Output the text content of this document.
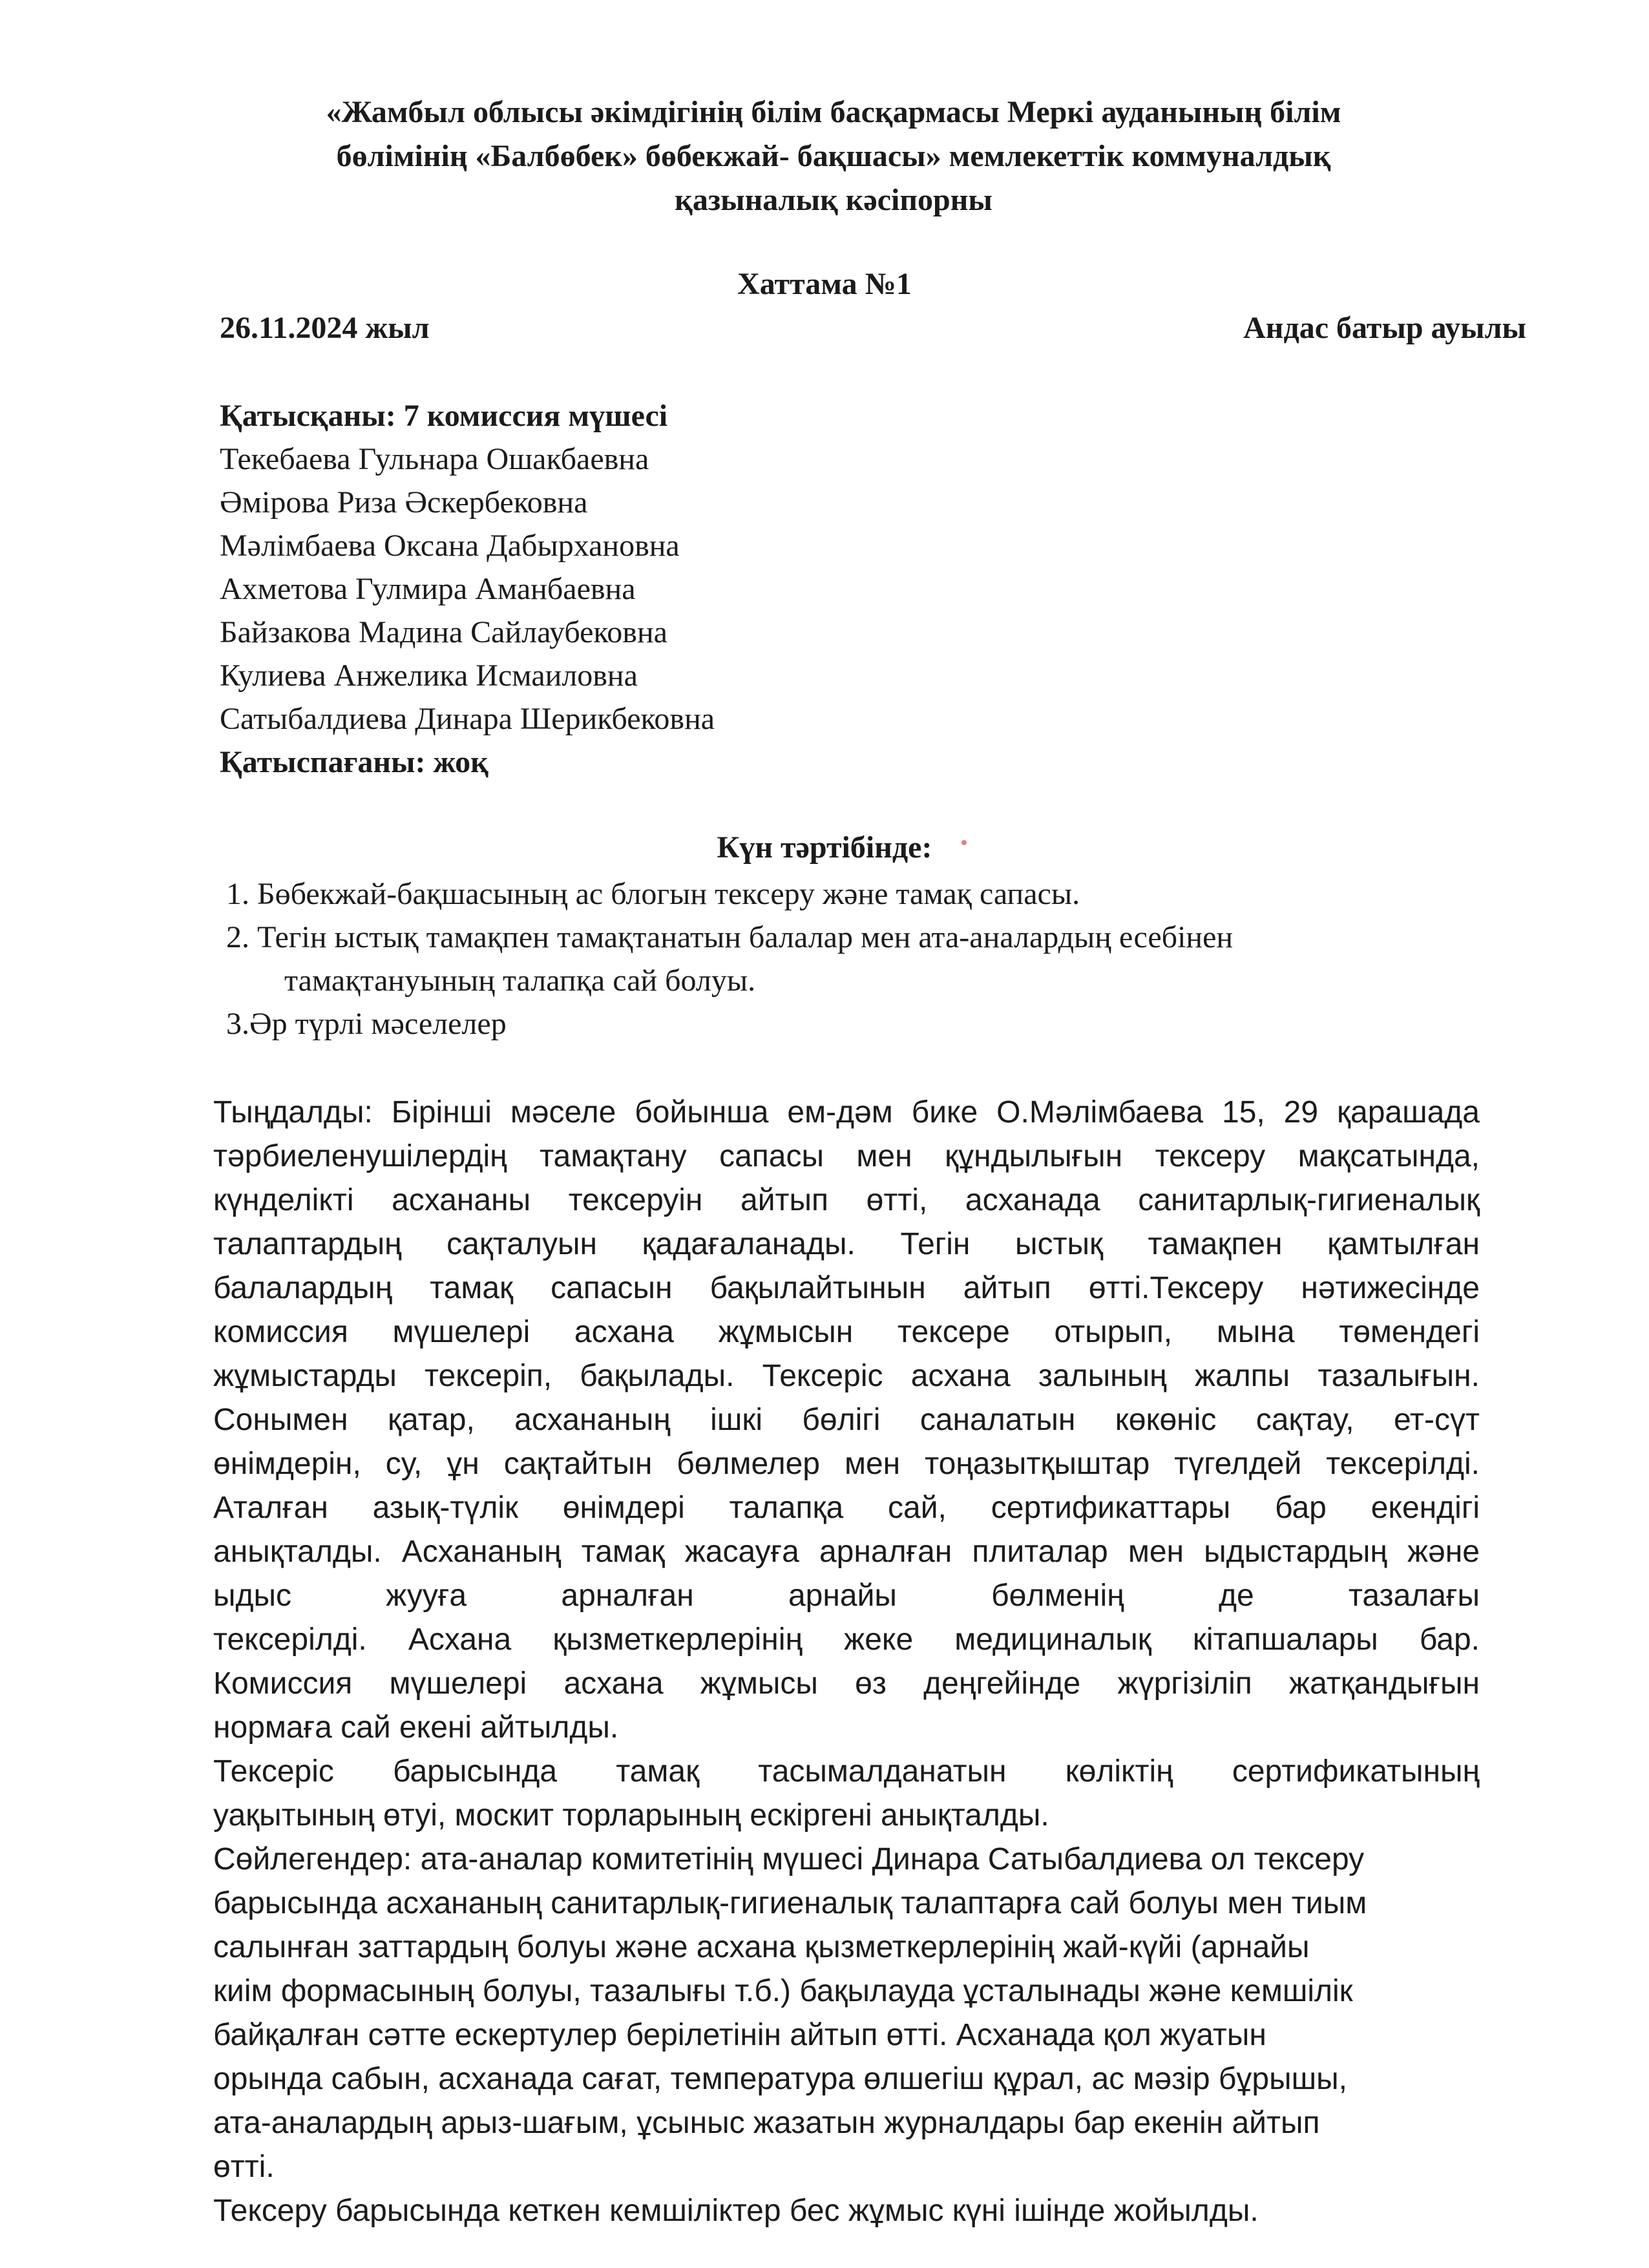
«Жамбыл облысы әкімдігінің білім басқармасы Меркі ауданының білім
бөлімінің «Балбөбек» бөбекжай- бақшасы» мемлекеттік коммуналдық
қазыналық кәсіпорны
Хаттама №1
26.11.2024 жыл	Андас батыр ауылы
Қатысқаны: 7 комиссия мүшесі
Текебаева Гульнара Ошакбаевна
Әмірова Риза Әскербековна
Мәлімбаева Оксана Дабырхановна
Ахметова Гулмира Аманбаевна
Байзакова Мадина Сайлаубековна
Кулиева Анжелика Исмаиловна
Сатыбалдиева Динара Шерикбековна
Қатыспағаны: жоқ
Күн тәртібінде:
1. Бөбекжай-бақшасының ас блогын тексеру және тамақ сапасы.
2. Тегін ыстық тамақпен тамақтанатын балалар мен ата-аналардың есебінен
тамақтануының талапқа сай болуы.
3.Әр түрлі мәселелер
Тыңдалды: Бірінші мәселе бойынша ем-дәм бике О.Мәлімбаева 15, 29 қарашада
тәрбиеленушілердің тамақтану сапасы мен құндылығын тексеру мақсатында,
күнделікті асхананы тексеруін айтып өтті, асханада санитарлық-гигиеналық
талаптардың сақталуын қадағаланады. Тегін ыстық тамақпен қамтылған
балалардың тамақ сапасын бақылайтынын айтып өтті.Тексеру нәтижесінде
комиссия мүшелері асхана жұмысын тексере отырып, мына төмендегі
жұмыстарды тексеріп, бақылады. Тексеріс асхана залының жалпы тазалығын.
Сонымен қатар, асхананың ішкі бөлігі саналатын көкөніс сақтау, ет-сүт
өнімдерін, су, ұн сақтайтын бөлмелер мен тоңазытқыштар түгелдей тексерілді.
Аталған азық-түлік өнімдері талапқа сай, сертификаттары бар екендігі
анықталды. Асхананың тамақ жасауға арналған плиталар мен ыдыстардың және
ыдыс жууға арналған арнайы бөлменің де тазалағы
тексерілді. Асхана қызметкерлерінің жеке медициналық кітапшалары бар.
Комиссия мүшелері асхана жұмысы өз деңгейінде жүргізіліп жатқандығын
нормаға сай екені айтылды.
Тексеріс барысында тамақ тасымалданатын көліктің сертификатының
уақытының өтуі, москит торларының ескіргені анықталды.
Сөйлегендер: ата-аналар комитетінің мүшесі Динара Сатыбалдиева ол тексеру
барысында асхананың санитарлық-гигиеналық талаптарға сай болуы мен тиым
салынған заттардың болуы және асхана қызметкерлерінің жай-күйі (арнайы
киім формасының болуы, тазалығы т.б.) бақылауда ұсталынады және кемшілік
байқалған сәтте ескертулер берілетінін айтып өтті. Асханада қол жуатын
орында сабын, асханада сағат, температура өлшегіш құрал, ас мәзір бұрышы,
ата-аналардың арыз-шағым, ұсыныс жазатын журналдары бар екенін айтып
өтті.
Тексеру барысында кеткен кемшіліктер бес жұмыс күні ішінде жойылды.
